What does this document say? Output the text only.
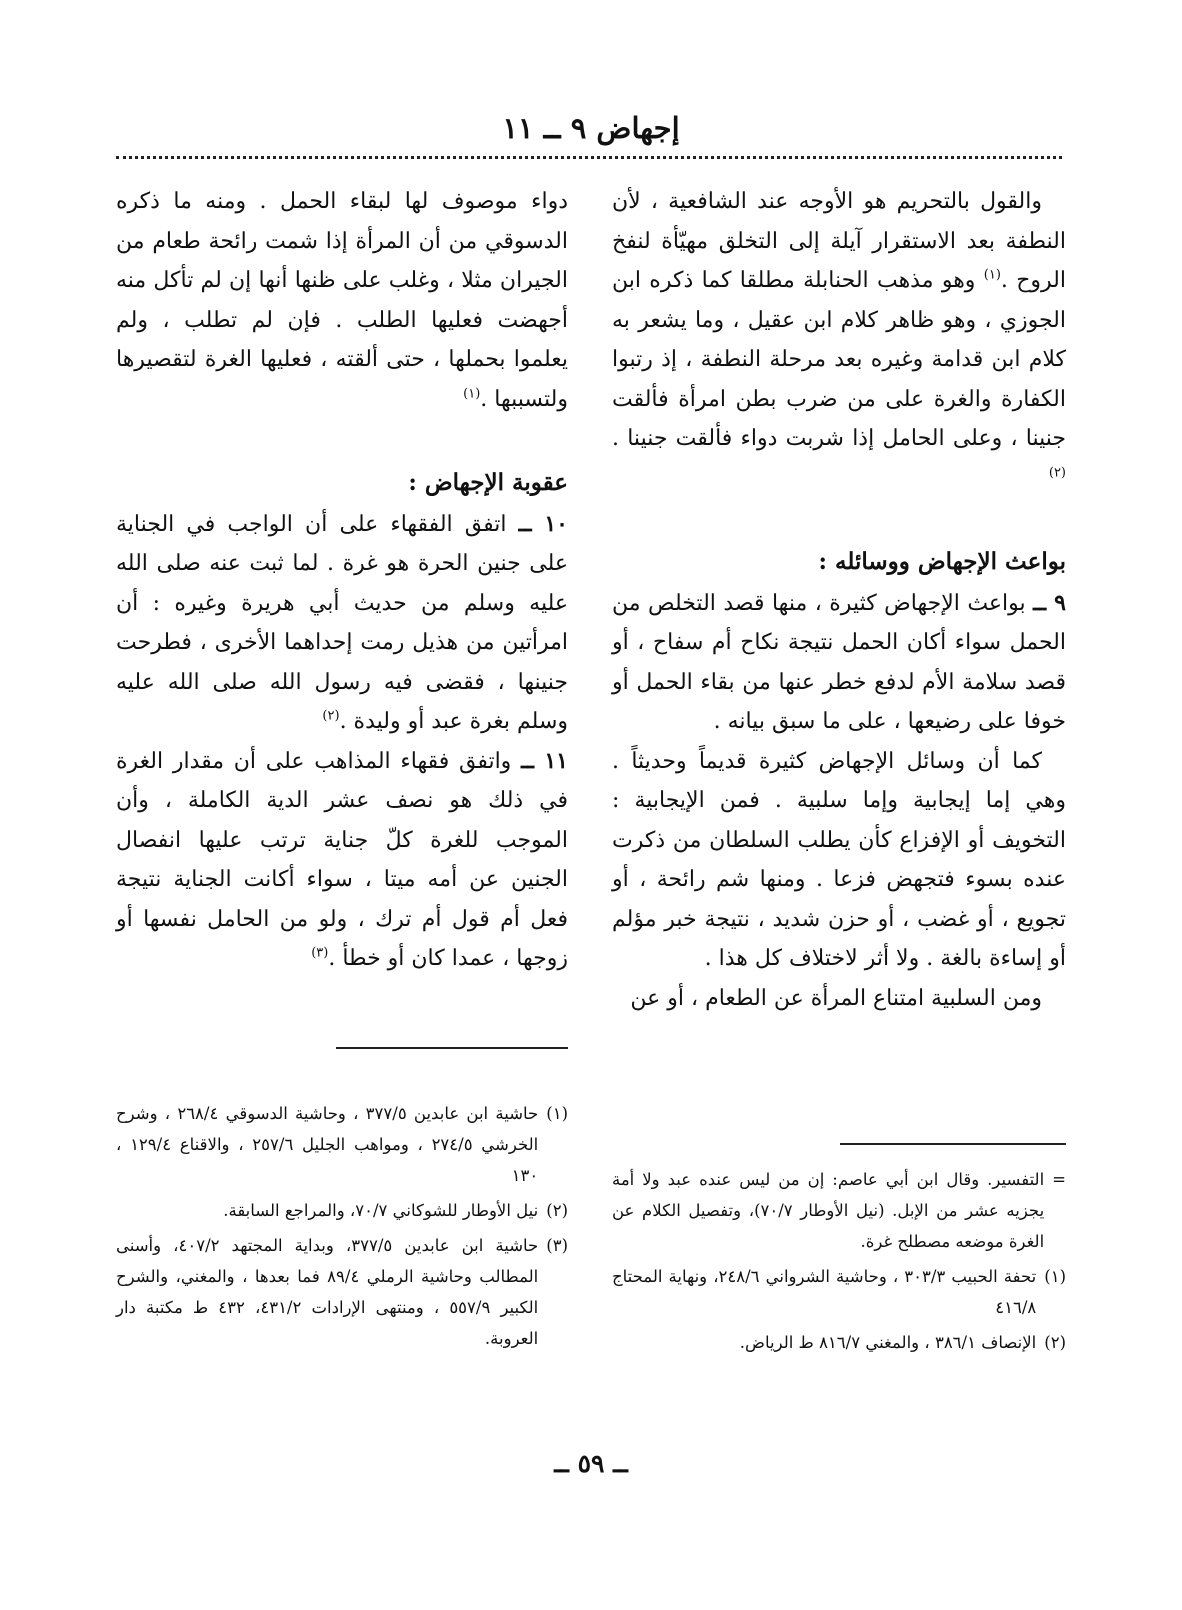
إجهاض ٩ ــ ١١

والقول بالتحريم هو الأوجه عند الشافعية ، لأن النطفة بعد الاستقرار آيلة إلى التخلق مهيّأة لنفخ الروح .$^{(١)}$ وهو مذهب الحنابلة مطلقا كما ذكره ابن الجوزي ، وهو ظاهر كلام ابن عقيل ، وما يشعر به كلام ابن قدامة وغيره بعد مرحلة النطفة ، إذ رتبوا الكفارة والغرة على من ضرب بطن امرأة فألقت جنينا ، وعلى الحامل إذا شربت دواء فألقت جنينا .$^{(٢)}$

بواعث الإجهاض ووسائله :

٩ ــ بواعث الإجهاض كثيرة ، منها قصد التخلص من الحمل سواء أكان الحمل نتيجة نكاح أم سفاح ، أو قصد سلامة الأم لدفع خطر عنها من بقاء الحمل أو خوفا على رضيعها ، على ما سبق بيانه .

كما أن وسائل الإجهاض كثيرة قديماً وحديثاً . وهي إما إيجابية وإما سلبية . فمن الإيجابية : التخويف أو الإفزاع كأن يطلب السلطان من ذكرت عنده بسوء فتجهض فزعا . ومنها شم رائحة ، أو تجويع ، أو غضب ، أو حزن شديد ، نتيجة خبر مؤلم أو إساءة بالغة . ولا أثر لاختلاف كل هذا .

ومن السلبية امتناع المرأة عن الطعام ، أو عن

دواء موصوف لها لبقاء الحمل . ومنه ما ذكره الدسوقي من أن المرأة إذا شمت رائحة طعام من الجيران مثلا ، وغلب على ظنها أنها إن لم تأكل منه أجهضت فعليها الطلب . فإن لم تطلب ، ولم يعلموا بحملها ، حتى ألقته ، فعليها الغرة لتقصيرها ولتسببها .$^{(١)}$

عقوبة الإجهاض :

١٠ ــ اتفق الفقهاء على أن الواجب في الجناية على جنين الحرة هو غرة . لما ثبت عنه صلى الله عليه وسلم من حديث أبي هريرة وغيره : أن امرأتين من هذيل رمت إحداهما الأخرى ، فطرحت جنينها ، فقضى فيه رسول الله صلى الله عليه وسلم بغرة عبد أو وليدة .$^{(٢)}$

١١ ــ واتفق فقهاء المذاهب على أن مقدار الغرة في ذلك هو نصف عشر الدية الكاملة ، وأن الموجب للغرة كلّ جناية ترتب عليها انفصال الجنين عن أمه ميتا ، سواء أكانت الجناية نتيجة فعل أم قول أم ترك ، ولو من الحامل نفسها أو زوجها ، عمدا كان أو خطأ .$^{(٣)}$

(١)
حاشية ابن عابدين ٣٧٧/٥ ، وحاشية الدسوقي ٢٦٨/٤ ، وشرح الخرشي ٢٧٤/٥ ، ومواهب الجليل ٢٥٧/٦ ، والاقناع ١٢٩/٤ ، ١٣٠
(٢)
نيل الأوطار للشوكاني ٧٠/٧، والمراجع السابقة.
(٣)
حاشية ابن عابدين ٣٧٧/٥، وبداية المجتهد ٤٠٧/٢، وأسنى المطالب وحاشية الرملي ٨٩/٤ فما بعدها ، والمغني، والشرح الكبير ٥٥٧/٩ ، ومنتهى الإرادات ٤٣١/٢، ٤٣٢ ط مكتبة دار العروبة.
=
التفسير. وقال ابن أبي عاصم: إن من ليس عنده عبد ولا أمة يجزيه عشر من الإبل. (نيل الأوطار ٧٠/٧)، وتفصيل الكلام عن الغرة موضعه مصطلح غرة.
(١)
تحفة الحبيب ٣٠٣/٣ ، وحاشية الشرواني ٢٤٨/٦، ونهاية المحتاج ٤١٦/٨
(٢)
الإنصاف ٣٨٦/١ ، والمغني ٨١٦/٧ ط الرياض.
ــ ٥٩ ــ
